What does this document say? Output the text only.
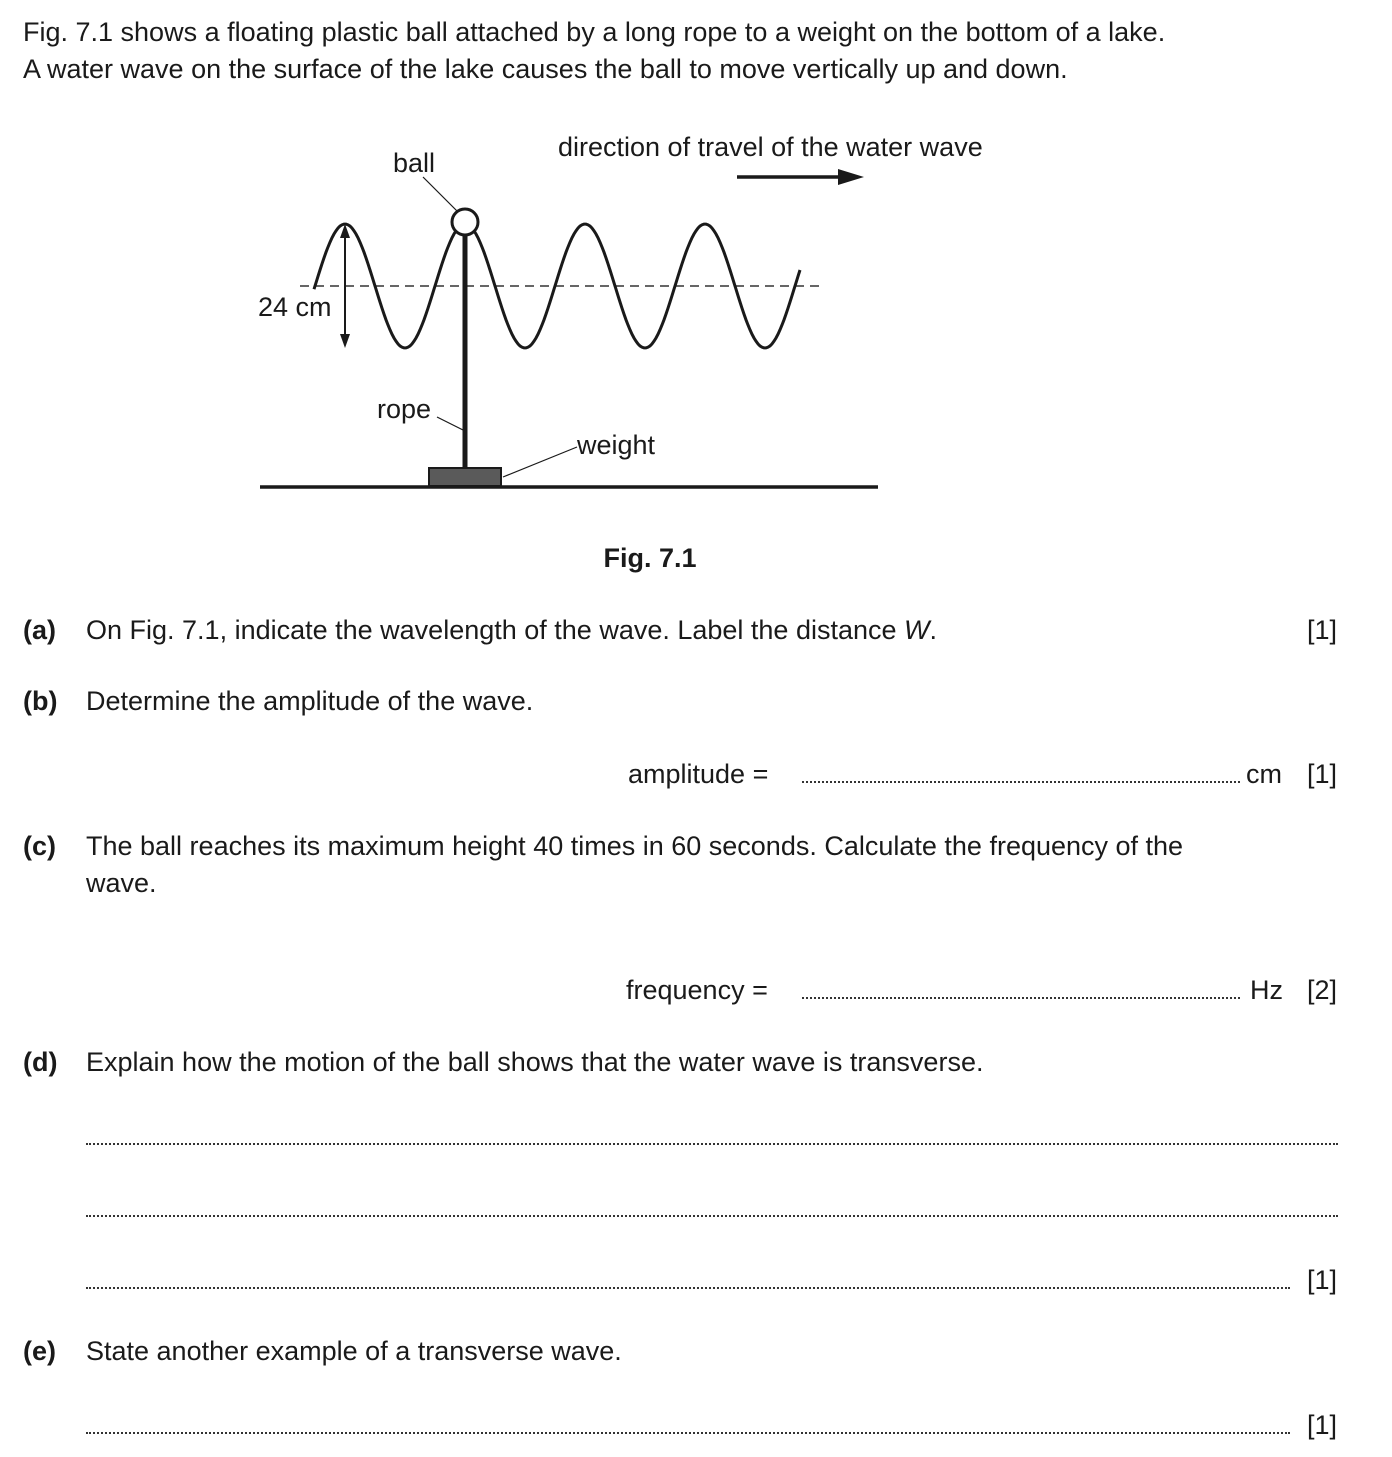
Fig. 7.1 shows a floating plastic ball attached by a long rope to a weight on the bottom of a lake.
A water wave on the surface of the lake causes the ball to move vertically up and down.
ball
direction of travel of the water wave
24 cm
rope
weight
Fig. 7.1
(a) On Fig. 7.1, indicate the wavelength of the wave. Label the distance W.	[1]
(b) Determine the amplitude of the wave.
amplitude =	cm [1]
(c) The ball reaches its maximum height 40 times in 60 seconds. Calculate the frequency of the
wave.
frequency =	Hz [2]
(d) Explain how the motion of the ball shows that the water wave is transverse.
[1]
(e) State another example of a transverse wave.
[1]
